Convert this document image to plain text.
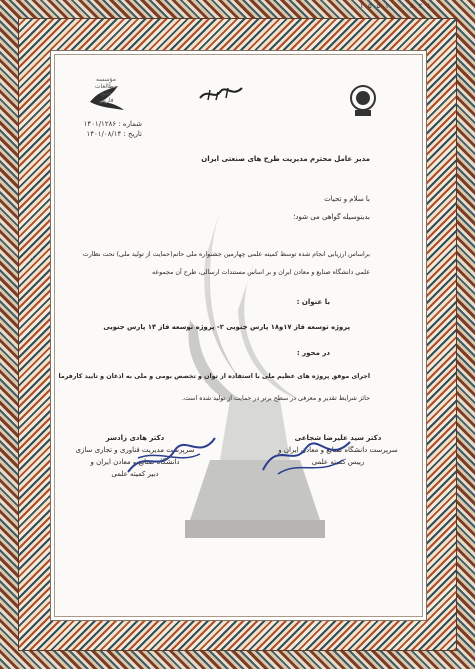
۱ ۵ ۵ ۱ ۰ ۰ ۸ ۲ ۱
مؤسسه
مطالعات
خلیج
فارس
شماره : ۱۴۰۱/۱۲۸۶
تاریخ : ۱۴۰۱/۰۸/۱۴
مدیر عامل محترم مدیریت طرح های صنعتی ایران
با سلام و تحیات
بدینوسیله گواهی می شود؛
براساس ارزیابی انجام شده توسط کمیته علمی چهارمین جشنواره ملی حاتم(حمایت از تولید ملی) تحت نظارت
علمی دانشگاه صنایع و معادن ایران و بر اساس مستندات ارسالی، طرح آن مجموعه
با عنوان :
پروژه توسعه فاز ۱۷و۱۸ پارس جنوبی ۲- پروژه توسعه فاز ۱۴ پارس جنوبی
در محور :
اجرای موفق پروژه های عظیم ملی با استفاده از توان و تخصص بومی و ملی به اذعان و تایید کارفرما
حائز شرایط تقدیر و معرفی در سطح برتر در حمایت از تولید شده است.
دکتر سید علیرضا شجاعی
سرپرست دانشگاه صنایع و معادن ایران و
رییس کمیته علمی
دکتر هادی زادسر
سرپرست مدیریت فناوری و تجاری سازی
دانشگاه صنایع و معادن ایران و
دبیر کمیته علمی
